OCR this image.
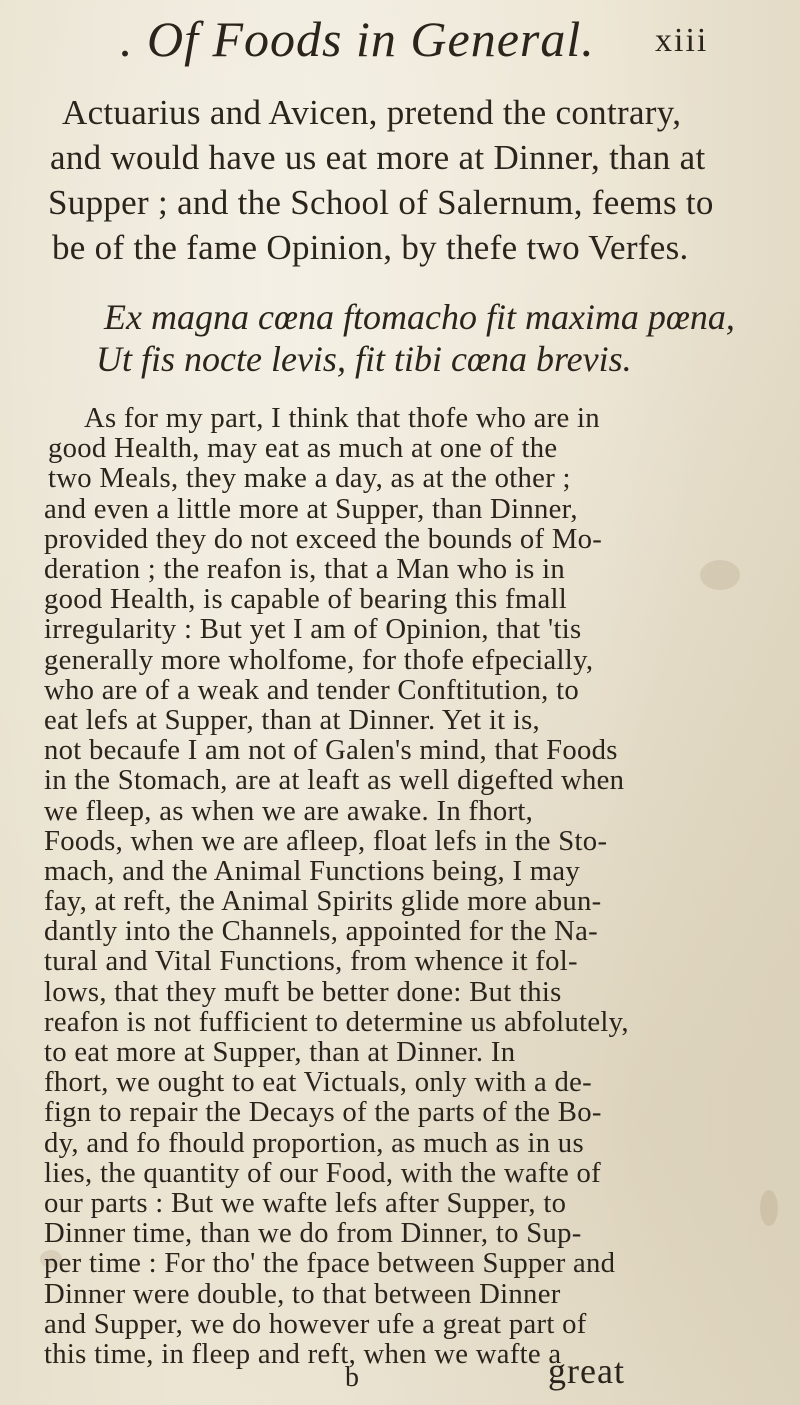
. Of Foods in General. xiii
Actuarius and Avicen, pretend the contrary,
and would have us eat more at Dinner, than at
Supper ; and the School of Salernum, feems to
be of the fame Opinion, by thefe two Verfes.
Ex magna cœna ftomacho fit maxima pœna,
Ut fis nocte levis, fit tibi cœna brevis.
As for my part, I think that thofe who are in
good Health, may eat as much at one of the
two Meals, they make a day, as at the other ;
and even a little more at Supper, than Dinner,
provided they do not exceed the bounds of Mo-
deration ; the reafon is, that a Man who is in
good Health, is capable of bearing this fmall
irregularity : But yet I am of Opinion, that 'tis
generally more wholfome, for thofe efpecially,
who are of a weak and tender Conftitution, to
eat lefs at Supper, than at Dinner. Yet it is,
not becaufe I am not of Galen's mind, that Foods
in the Stomach, are at leaft as well digefted when
we fleep, as when we are awake. In fhort,
Foods, when we are afleep, float lefs in the Sto-
mach, and the Animal Functions being, I may
fay, at reft, the Animal Spirits glide more abun-
dantly into the Channels, appointed for the Na-
tural and Vital Functions, from whence it fol-
lows, that they muft be better done: But this
reafon is not fufficient to determine us abfolutely,
to eat more at Supper, than at Dinner. In
fhort, we ought to eat Victuals, only with a de-
fign to repair the Decays of the parts of the Bo-
dy, and fo fhould proportion, as much as in us
lies, the quantity of our Food, with the wafte of
our parts : But we wafte lefs after Supper, to
Dinner time, than we do from Dinner, to Sup-
per time : For tho' the fpace between Supper and
Dinner were double, to that between Dinner
and Supper, we do however ufe a great part of
this time, in fleep and reft, when we wafte a
b	great
